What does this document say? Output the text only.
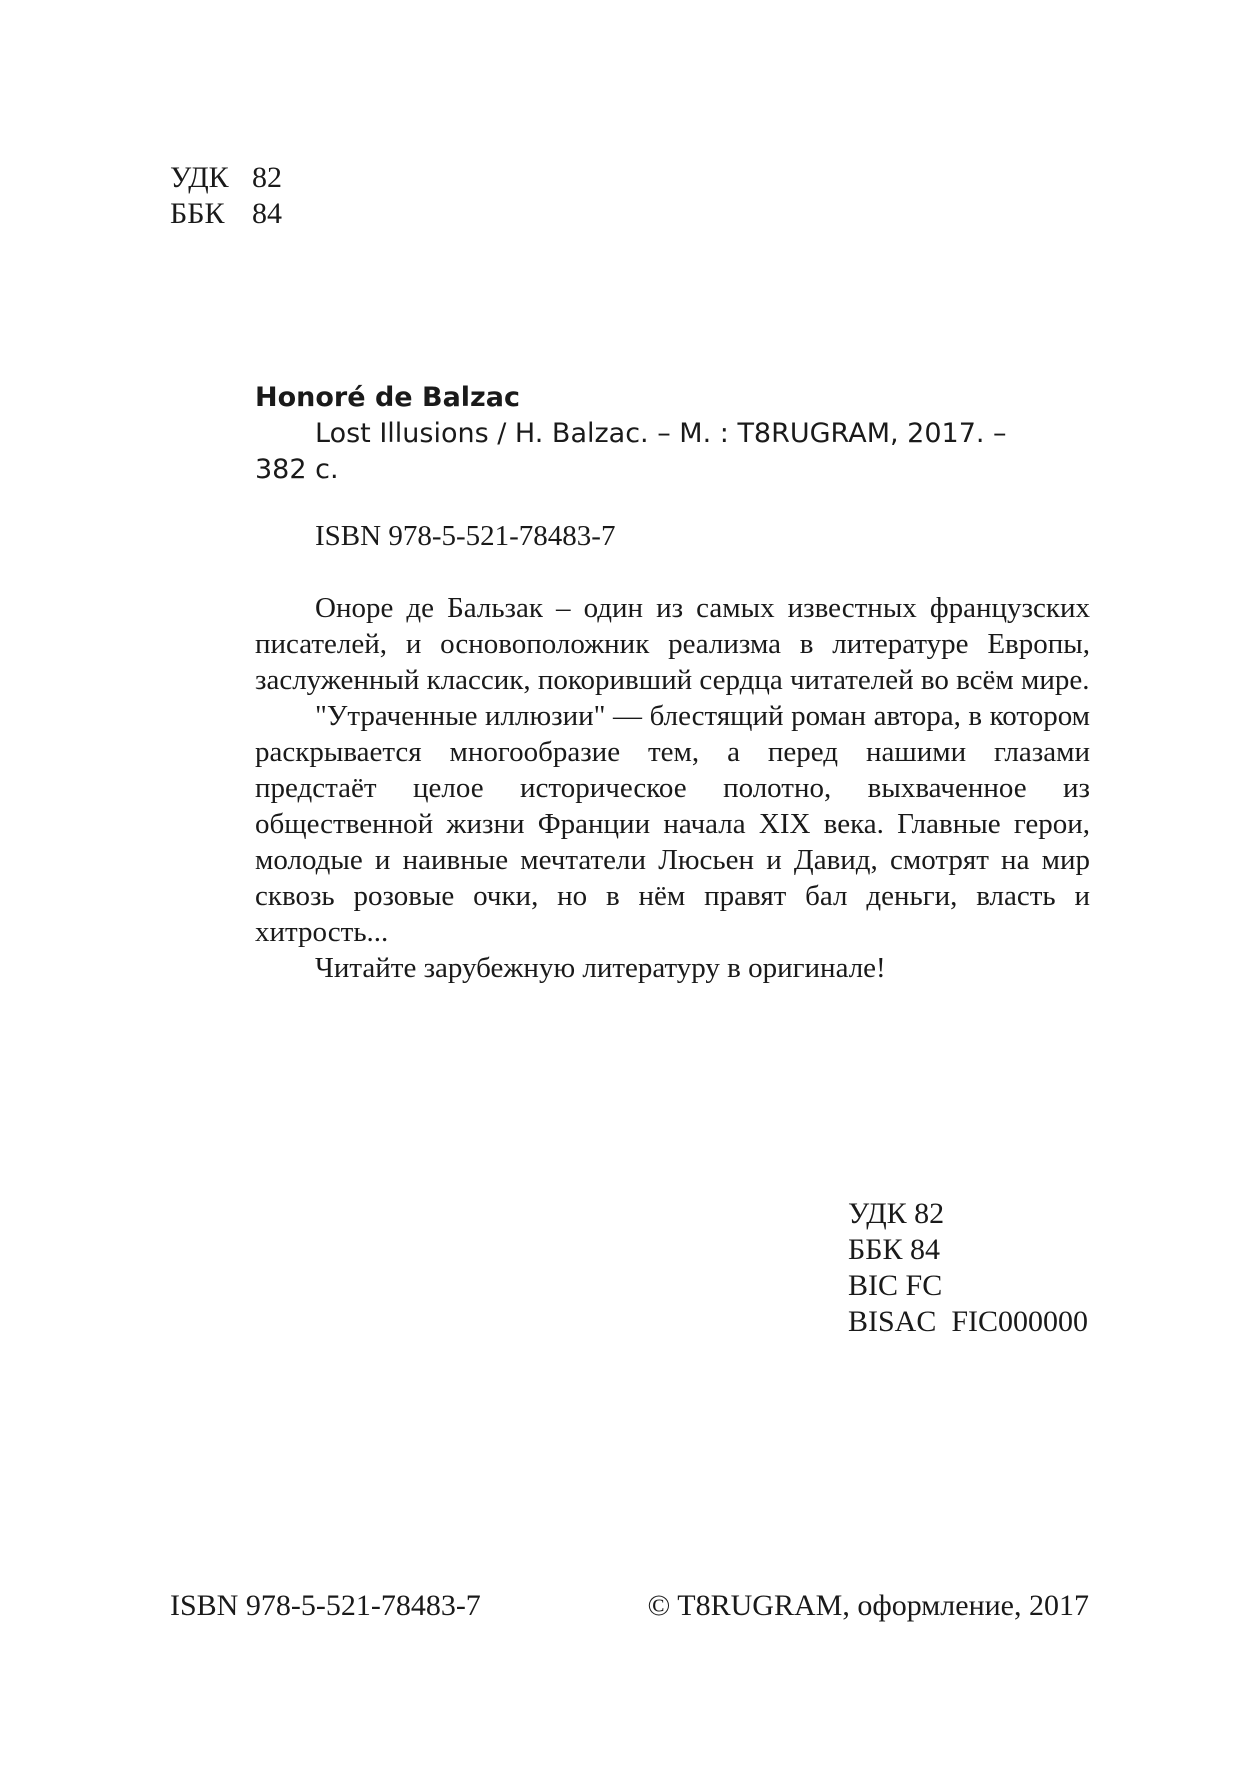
УДК 82
ББК 84

Honoré de Balzac

Lost Illusions / H. Balzac. – M. : T8RUGRAM, 2017. –
382 с.

ISBN 978-5-521-78483-7

Оноре де Бальзак – один из самых известных французских писателей, и основоположник реализма в литературе Европы, заслуженный классик, покоривший сердца читателей во всём мире.

"Утраченные иллюзии" — блестящий роман автора, в котором раскрывается многообразие тем, а перед нашими глазами предстаёт целое историческое полотно, выхваченное из общественной жизни Франции начала XIX века. Главные герои, молодые и наивные мечтатели Люсьен и Давид, смотрят на мир сквозь розовые очки, но в нём правят бал деньги, власть и хитрость...

Читайте зарубежную литературу в оригинале!

УДК 82
ББК 84
BIC FC
BISAC  FIC000000
ISBN 978-5-521-78483-7	© T8RUGRAM, оформление, 2017
